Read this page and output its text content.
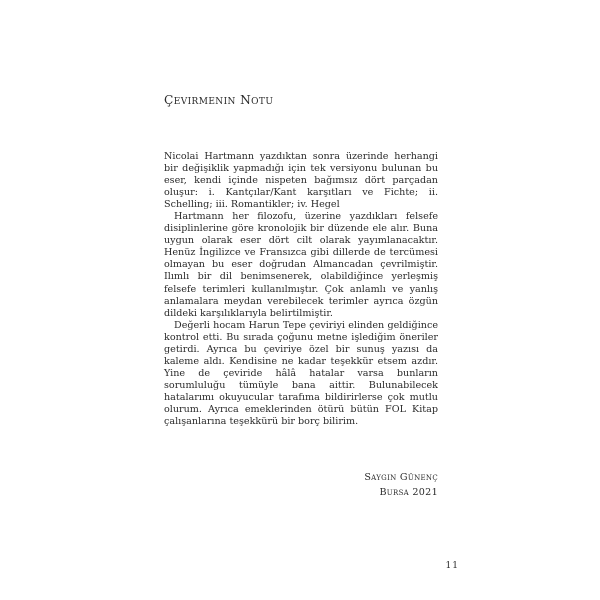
Çevirmenin Notu

Nicolai Hartmann yazdıktan sonra üzerinde herhangi bir değişiklik yapmadığı için tek versiyonu bulunan bu eser, kendi içinde nispeten bağımsız dört parçadan oluşur: i. Kantçılar/Kant karşıtları ve Fichte; ii. Schelling; iii. Romantikler; iv. Hegel

Hartmann her filozofu, üzerine yazdıkları felsefe disiplinlerine göre kronolojik bir düzende ele alır. Buna uygun olarak eser dört cilt olarak yayımlanacaktır. Henüz İngilizce ve Fransızca gibi dillerde de tercümesi olmayan bu eser doğrudan Almancadan çevrilmiştir. Ilımlı bir dil benimsenerek, olabildiğince yerleşmiş felsefe terimleri kullanılmıştır. Çok anlamlı ve yanlış anlamalara meydan verebilecek terimler ayrıca özgün dildeki karşılıklarıyla belirtilmiştir.

Değerli hocam Harun Tepe çeviriyi elinden geldiğince kontrol etti. Bu sırada çoğunu metne işlediğim öneriler getirdi. Ayrıca bu çeviriye özel bir sunuş yazısı da kaleme aldı. Kendisine ne kadar teşekkür etsem azdır. Yine de çeviride hâlâ hatalar varsa bunların sorumluluğu tümüyle bana aittir. Bulunabilecek hatalarımı okuyucular tarafıma bildirirlerse çok mutlu olurum. Ayrıca emeklerinden ötürü bütün FOL Kitap çalışanlarına teşekkürü bir borç bilirim.

Saygın Günenç
Bursa 2021
11
